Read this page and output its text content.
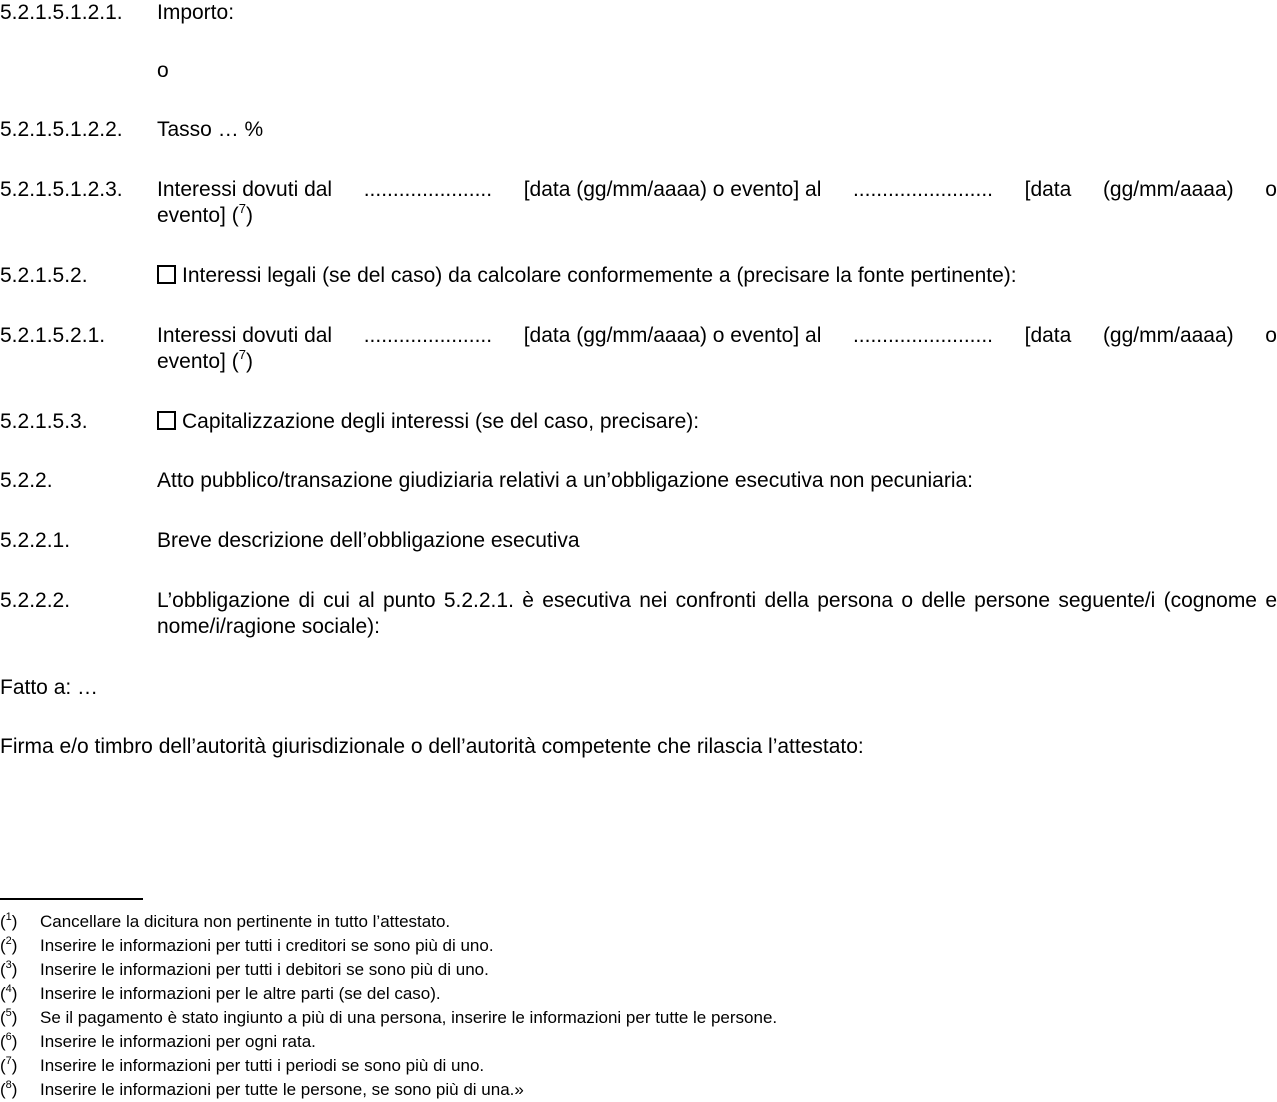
5.2.1.5.1.2.1. Importo:
o
5.2.1.5.1.2.2. Tasso … %
5.2.1.5.1.2.3. Interessi dovuti dal ...................... [data (gg/mm/aaaa) o evento] al ........................ [data (gg/mm/aaaa) o
evento] ($^7$)
5.2.1.5.2.	Interessi legali (se del caso) da calcolare conformemente a (precisare la fonte pertinente):
5.2.1.5.2.1. Interessi dovuti dal ...................... [data (gg/mm/aaaa) o evento] al ........................ [data (gg/mm/aaaa) o
evento] ($^7$)
5.2.1.5.3.	Capitalizzazione degli interessi (se del caso, precisare):
5.2.2.	Atto pubblico/transazione giudiziaria relativi a un’obbligazione esecutiva non pecuniaria:
5.2.2.1.	Breve descrizione dell’obbligazione esecutiva
5.2.2.2.	L’obbligazione di cui al punto 5.2.2.1. è esecutiva nei confronti della persona o delle persone seguente/i (cognome e nome/i/ragione sociale):
Fatto a: …
Firma e/o timbro dell’autorità giurisdizionale o dell’autorità competente che rilascia l’attestato:
($^1$) Cancellare la dicitura non pertinente in tutto l’attestato.
($^2$) Inserire le informazioni per tutti i creditori se sono più di uno.
($^3$) Inserire le informazioni per tutti i debitori se sono più di uno.
($^4$) Inserire le informazioni per le altre parti (se del caso).
($^5$) Se il pagamento è stato ingiunto a più di una persona, inserire le informazioni per tutte le persone.
($^6$) Inserire le informazioni per ogni rata.
($^7$) Inserire le informazioni per tutti i periodi se sono più di uno.
($^8$) Inserire le informazioni per tutte le persone, se sono più di una.»
